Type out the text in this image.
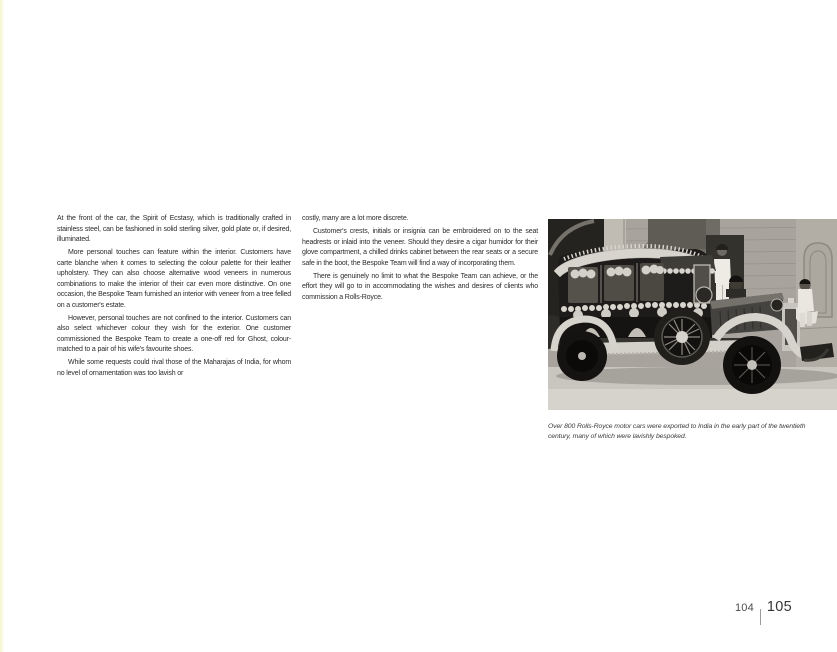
At the front of the car, the Spirit of Ecstasy, which is traditionally crafted in stainless steel, can be fashioned in solid sterling silver, gold plate or, if desired, illuminated.

More personal touches can feature within the interior. Customers have carte blanche when it comes to selecting the colour palette for their leather upholstery. They can also choose alternative wood veneers in numerous combinations to make the interior of their car even more distinctive. On one occasion, the Bespoke Team furnished an interior with veneer from a tree felled on a customer's estate.

However, personal touches are not confined to the interior. Customers can also select whichever colour they wish for the exterior. One customer commissioned the Bespoke Team to create a one-off red for Ghost, colour-matched to a pair of his wife's favourite shoes.

While some requests could rival those of the Maharajas of India, for whom no level of ornamentation was too lavish or

costly, many are a lot more discrete.

Customer's crests, initials or insignia can be embroidered on to the seat headrests or inlaid into the veneer. Should they desire a cigar humidor for their glove compartment, a chilled drinks cabinet between the rear seats or a secure safe in the boot, the Bespoke Team will find a way of incorporating them.

There is genuinely no limit to what the Bespoke Team can achieve, or the effort they will go to in accommodating the wishes and desires of clients who commission a Rolls-Royce.

Over 800 Rolls-Royce motor cars were exported to India in the early part of the twentieth century, many of which were lavishly bespoked.
104 105
